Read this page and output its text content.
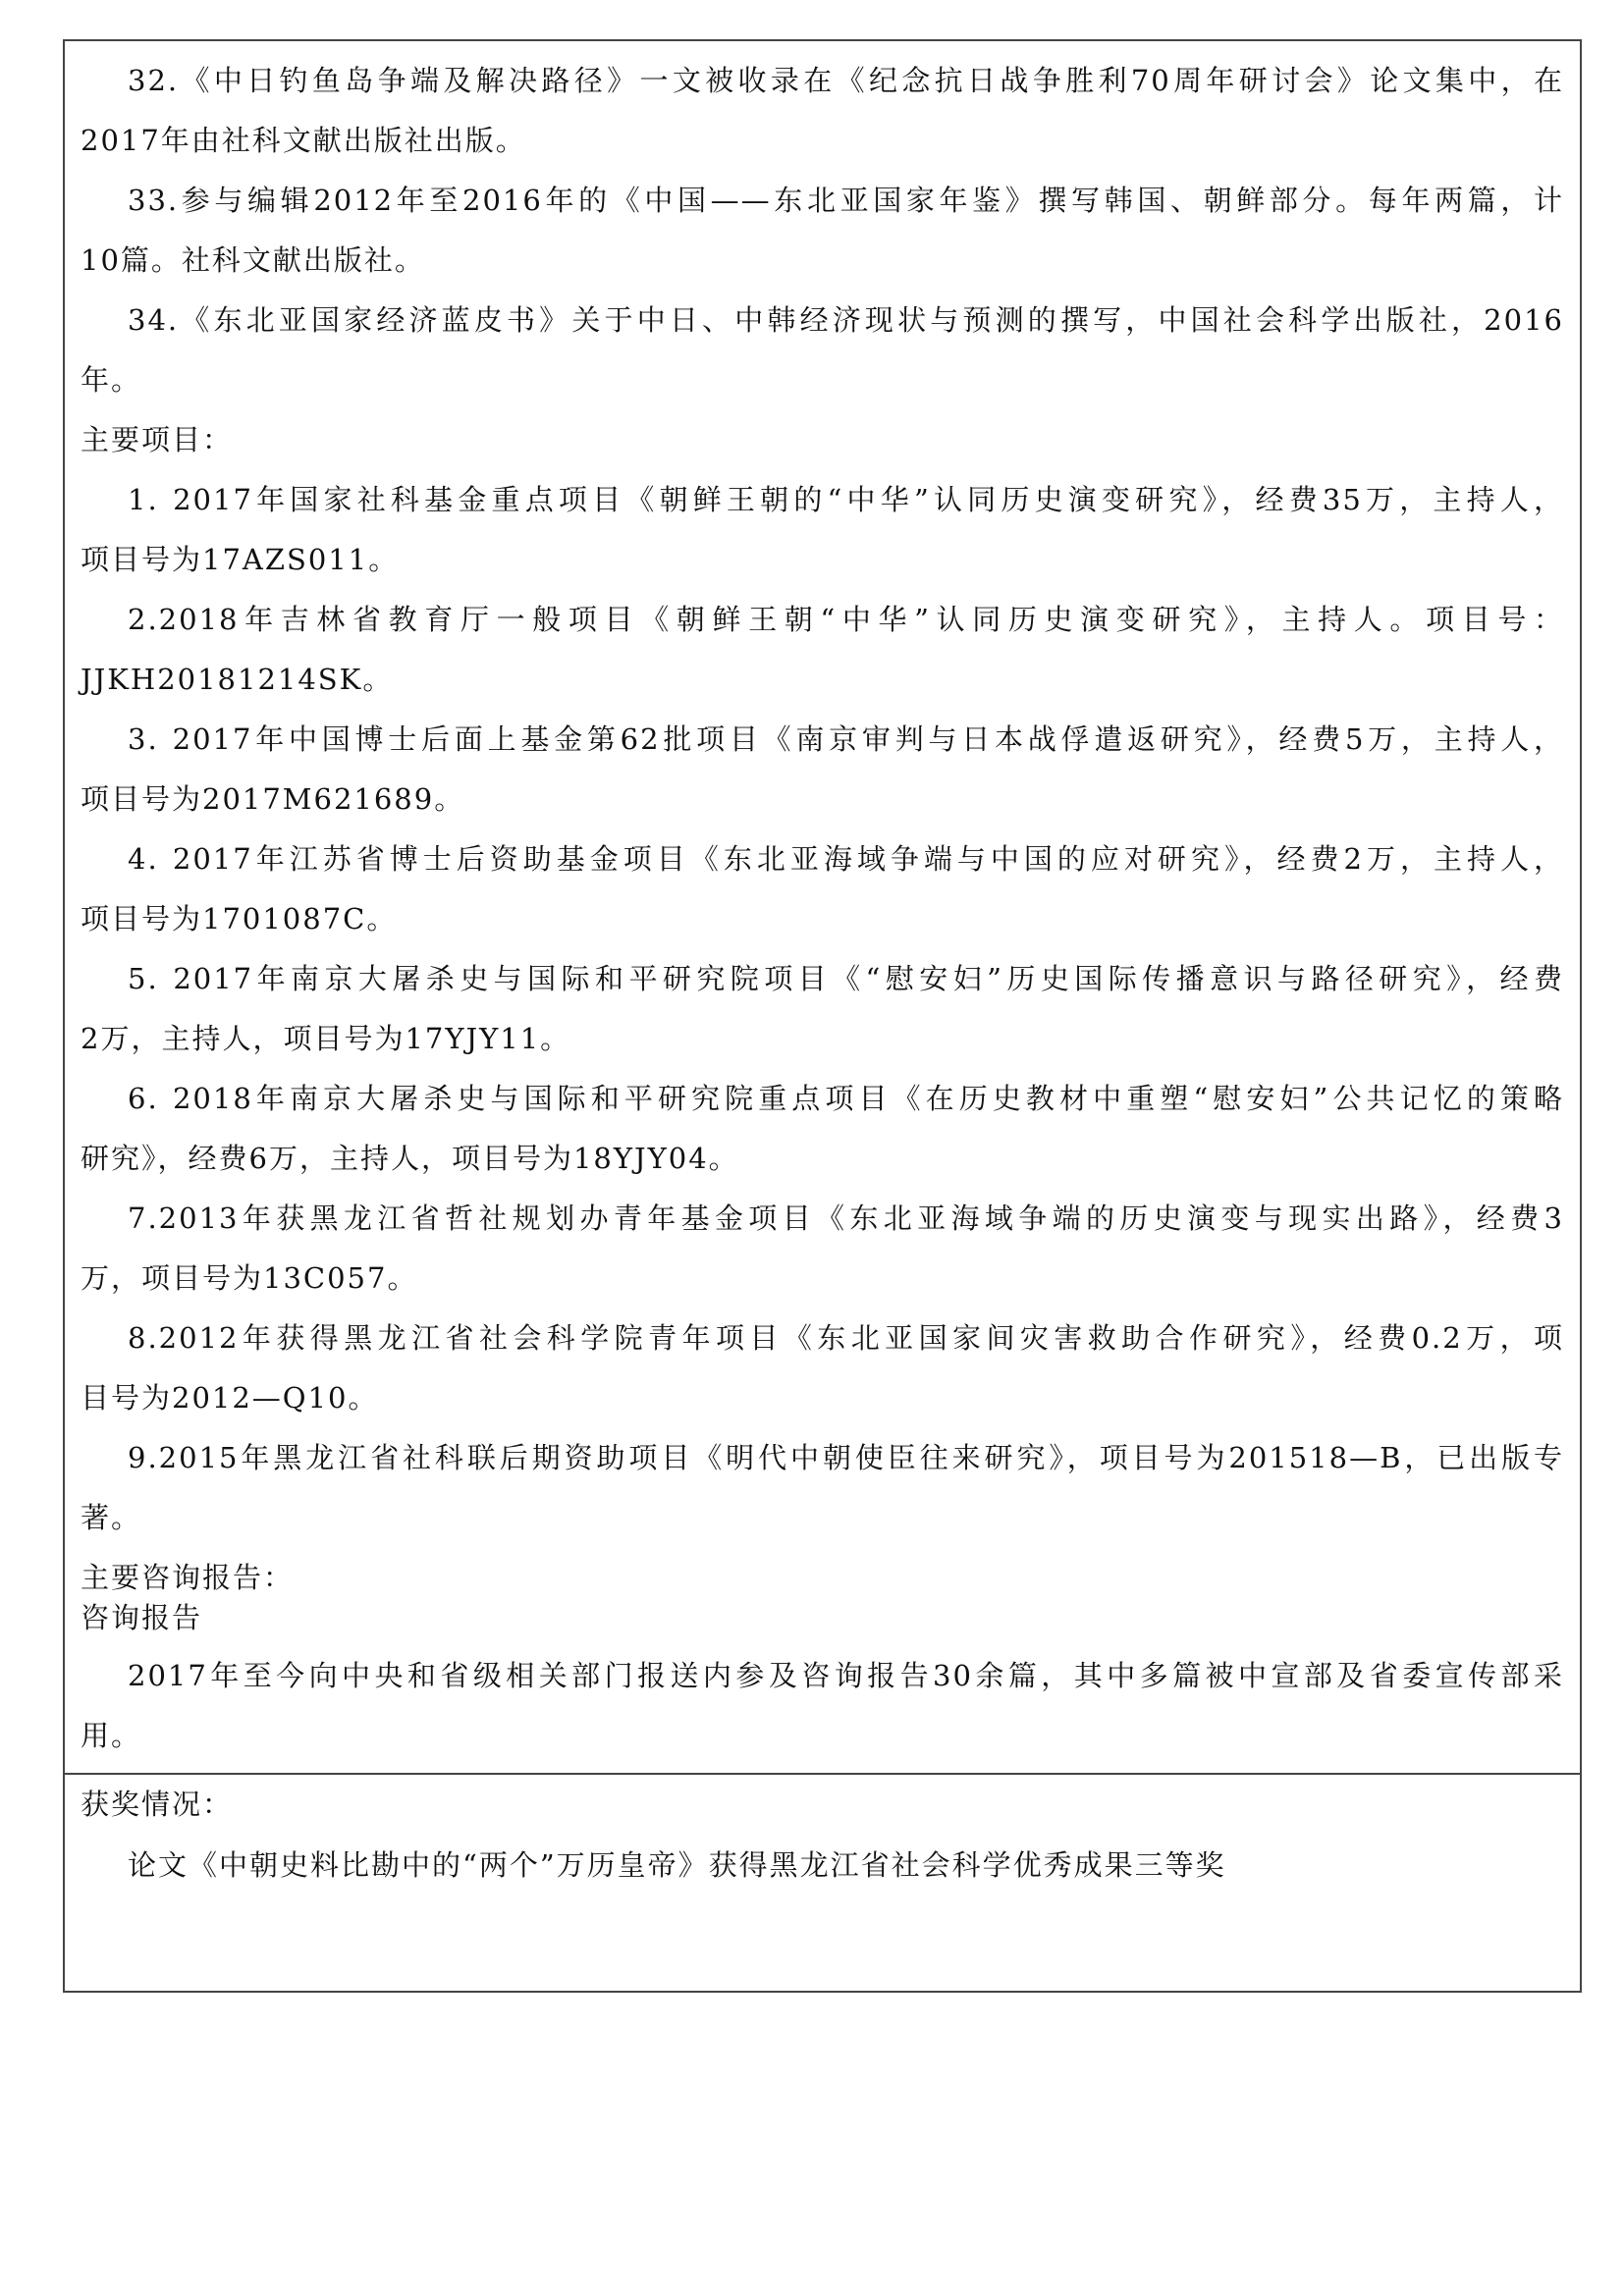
32.《中日钓鱼岛争端及解决路径》一文被收录在《纪念抗日战争胜利70周年研讨会》论文集中，在
2017年由社科文献出版社出版。
33.参与编辑2012年至2016年的《中国——东北亚国家年鉴》撰写韩国、朝鲜部分。每年两篇，计
10篇。社科文献出版社。
34.《东北亚国家经济蓝皮书》关于中日、中韩经济现状与预测的撰写，中国社会科学出版社，2016
年。
主要项目：
1. 2017年国家社科基金重点项目《朝鲜王朝的“中华”认同历史演变研究》，经费35万，主持人，
项目号为17AZS011。
2.2018年吉林省教育厅一般项目《朝鲜王朝“中华”认同历史演变研究》，主持人。项目号：
JJKH20181214SK。
3. 2017年中国博士后面上基金第62批项目《南京审判与日本战俘遣返研究》，经费5万，主持人，
项目号为2017M621689。
4. 2017年江苏省博士后资助基金项目《东北亚海域争端与中国的应对研究》，经费2万，主持人，
项目号为1701087C。
5. 2017年南京大屠杀史与国际和平研究院项目《“慰安妇”历史国际传播意识与路径研究》，经费
2万，主持人，项目号为17YJY11。
6. 2018年南京大屠杀史与国际和平研究院重点项目《在历史教材中重塑“慰安妇”公共记忆的策略
研究》，经费6万，主持人，项目号为18YJY04。
7.2013年获黑龙江省哲社规划办青年基金项目《东北亚海域争端的历史演变与现实出路》，经费3
万，项目号为13C057。
8.2012年获得黑龙江省社会科学院青年项目《东北亚国家间灾害救助合作研究》，经费0.2万，项
目号为2012—Q10。
9.2015年黑龙江省社科联后期资助项目《明代中朝使臣往来研究》，项目号为201518—B，已出版专
著。
主要咨询报告：
咨询报告
2017年至今向中央和省级相关部门报送内参及咨询报告30余篇，其中多篇被中宣部及省委宣传部采
用。
获奖情况：
论文《中朝史料比勘中的“两个”万历皇帝》获得黑龙江省社会科学优秀成果三等奖
